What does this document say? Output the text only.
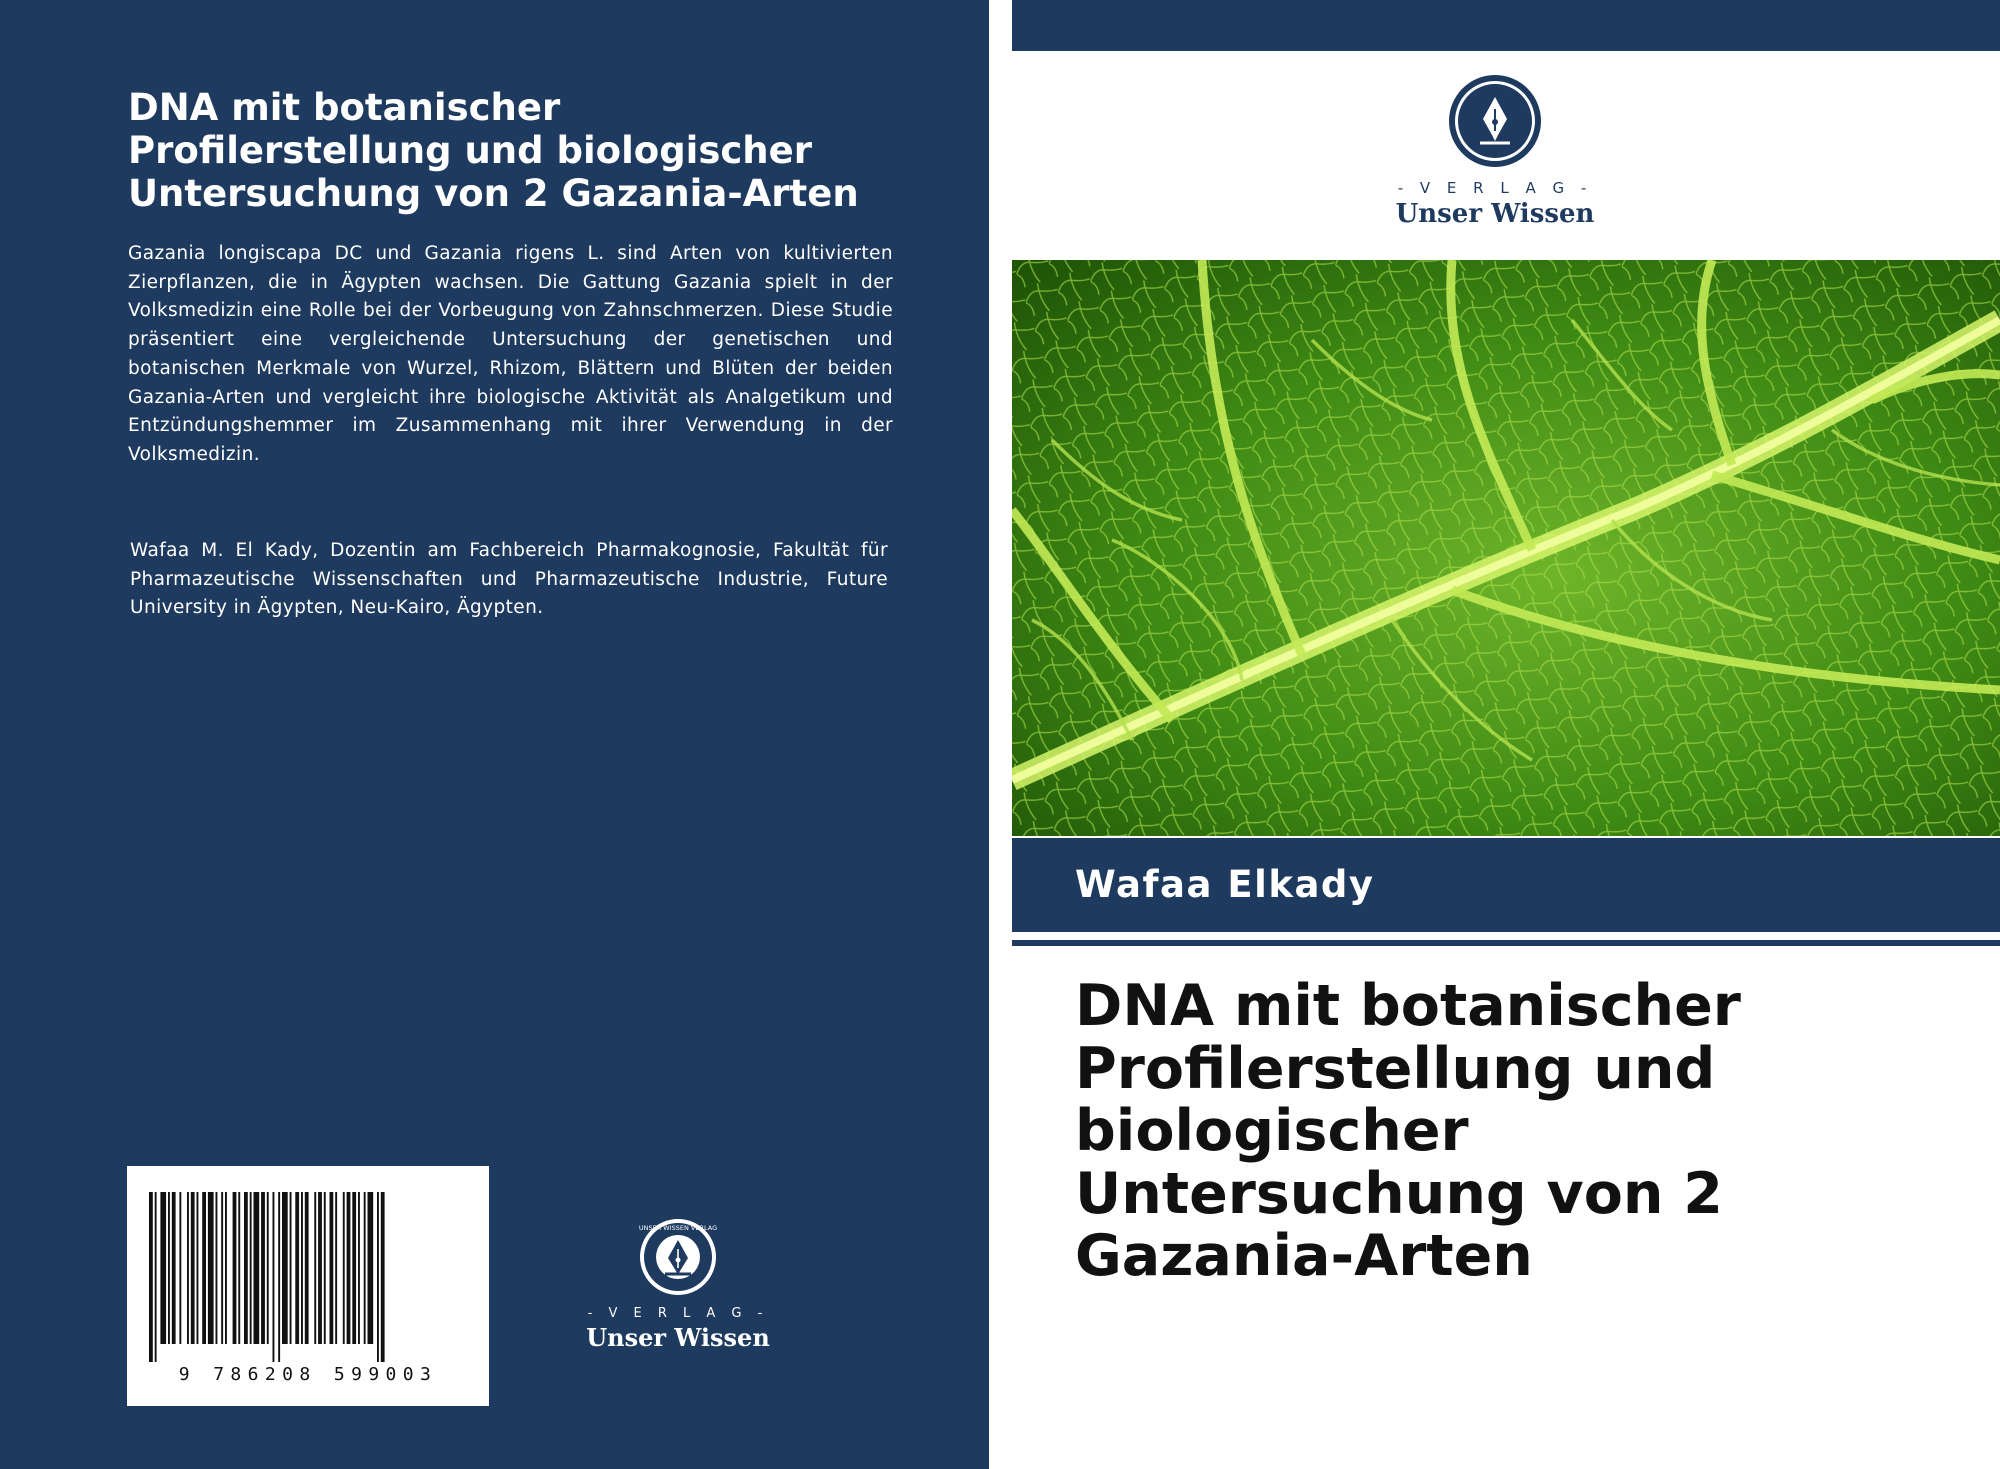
DNA mit botanischer
Profilerstellung und biologischer
Untersuchung von 2 Gazania-Arten

Gazania longiscapa DC und Gazania rigens L. sind Arten von kultivierten Zierpflanzen, die in Ägypten wachsen. Die Gattung Gazania spielt in der Volksmedizin eine Rolle bei der Vorbeugung von Zahnschmerzen. Diese Studie präsentiert eine vergleichende Untersuchung der genetischen und botanischen Merkmale von Wurzel, Rhizom, Blättern und Blüten der beiden Gazania-Arten und vergleicht ihre biologische Aktivität als Analgetikum und Entzündungshemmer im Zusammenhang mit ihrer Verwendung in der Volksmedizin.

Wafaa M. El Kady, Dozentin am Fachbereich Pharmakognosie, Fakultät für Pharmazeutische Wissenschaften und Pharmazeutische Industrie, Future University in Ägypten, Neu-Kairo, Ägypten.

9 786208 599003
UNSER WISSEN VERLAG
- V E R L A G -
Unser Wissen
- V E R L A G -
Unser Wissen
Wafaa Elkady
DNA mit botanischer
Profilerstellung und
biologischer
Untersuchung von 2
Gazania-Arten
